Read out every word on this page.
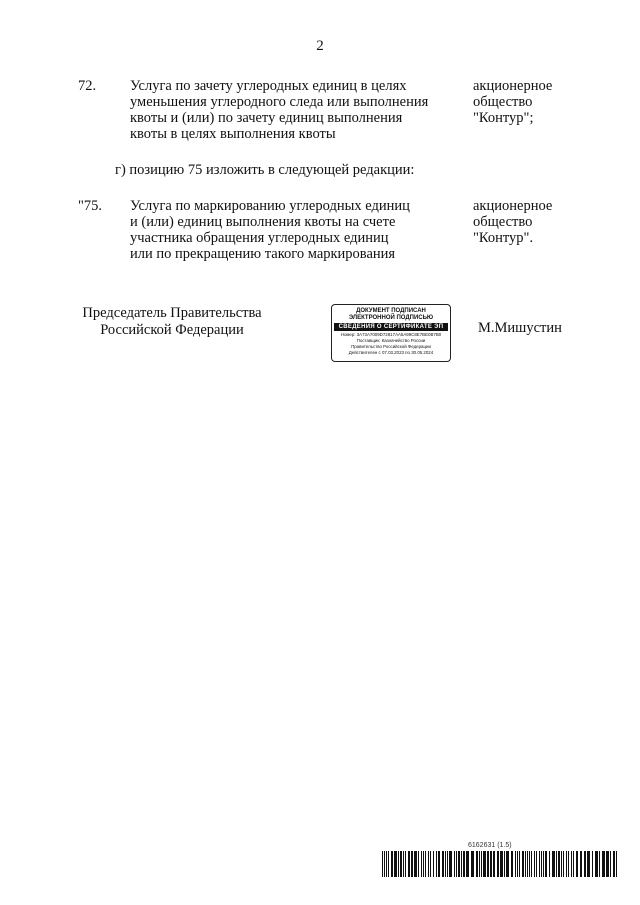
2
72. Услуга по зачету углеродных единиц в целях
уменьшения углеродного следа или выполнения
квоты и (или) по зачету единиц выполнения
квоты в целях выполнения квоты
акционерное
общество
"Контур";
г) позицию 75 изложить в следующей редакции:
"75. Услуга по маркированию углеродных единиц
и (или) единиц выполнения квоты на счете
участника обращения углеродных единиц
или по прекращению такого маркирования
акционерное
общество
"Контур".
Председатель Правительства
Российской Федерации
ДОКУМЕНТ ПОДПИСАН
ЭЛЕКТРОННОЙ ПОДПИСЬЮ
СВЕДЕНИЯ О СЕРТИФИКАТЕ ЭП
Номер: 3A73A7009D72817AA5A99C8E7BE0B7B0
Поставщик: Казначейство России
Правительство Российской Федерации
Действителен с 07.03.2023 по 30.05.2024
М.Мишустин
6162631 (1.5)
